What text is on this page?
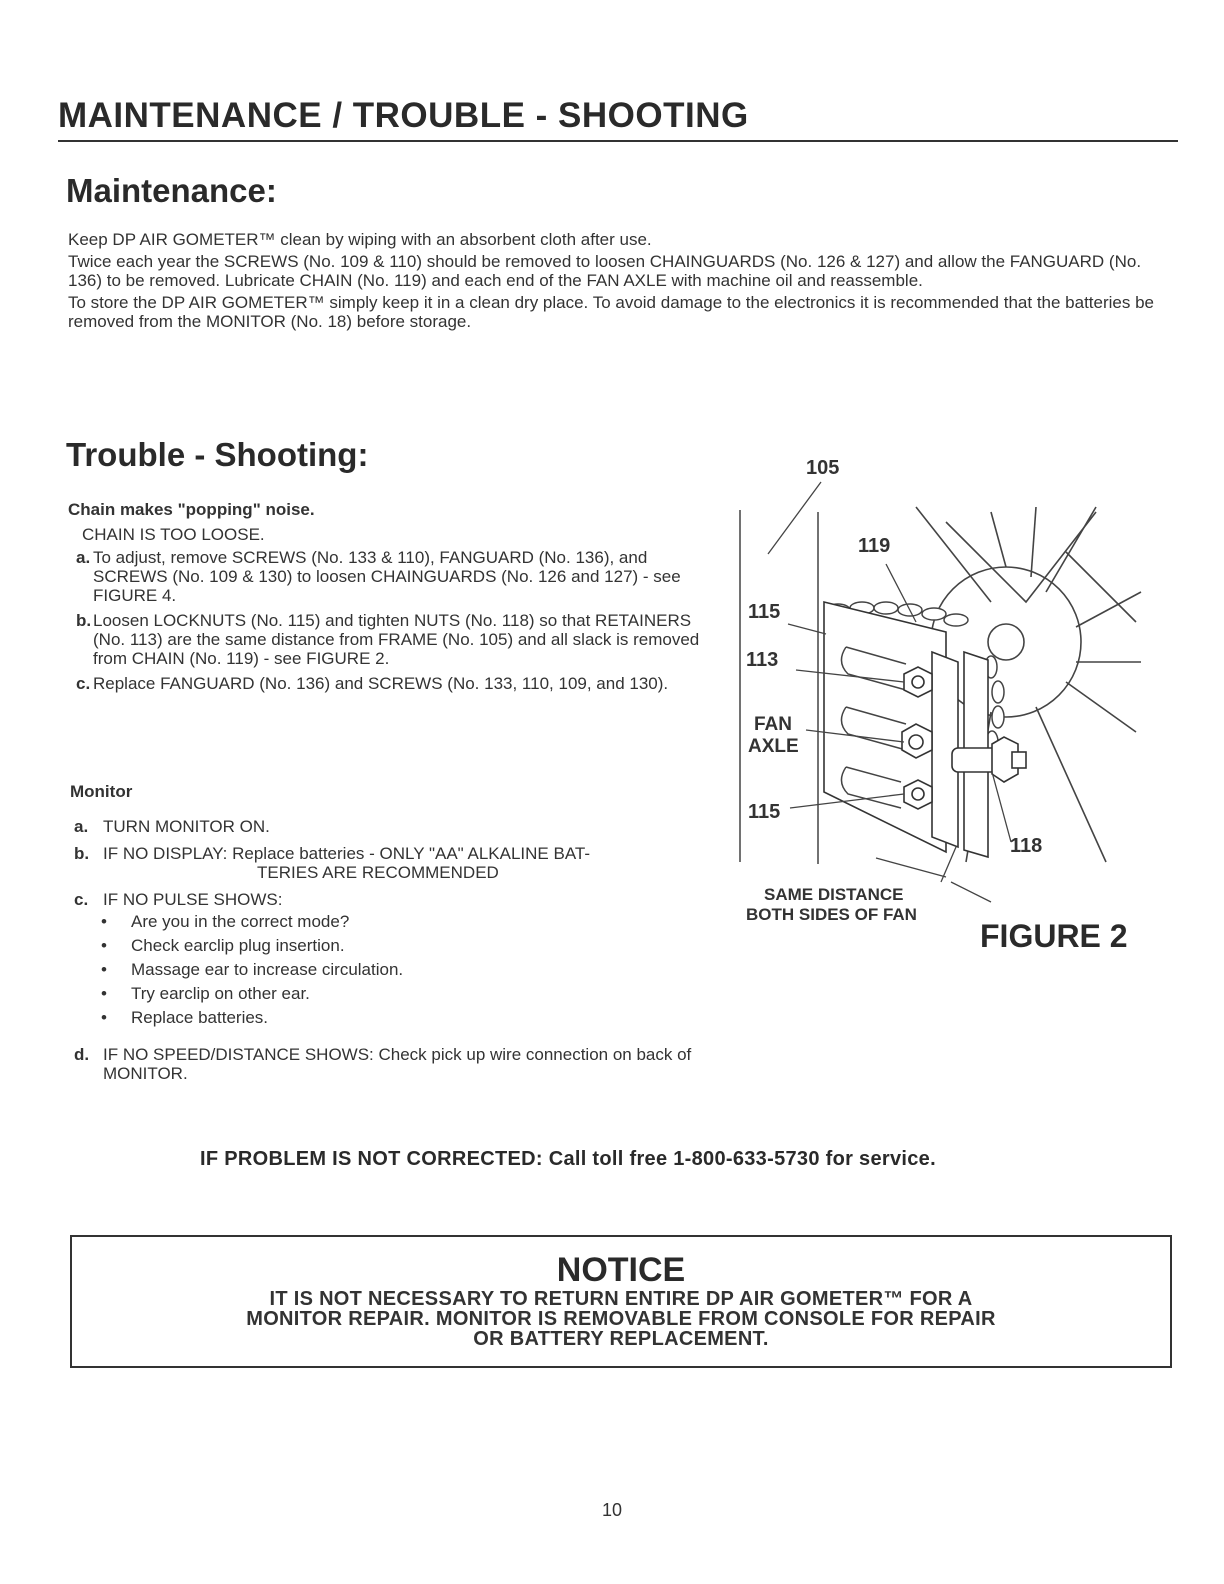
MAINTENANCE / TROUBLE - SHOOTING
Maintenance:

Keep DP AIR GOMETER™ clean by wiping with an absorbent cloth after use.

Twice each year the SCREWS (No. 109 & 110) should be removed to loosen CHAINGUARDS (No. 126 & 127) and allow the FANGUARD (No. 136) to be removed. Lubricate CHAIN (No. 119) and each end of the FAN AXLE with machine oil and reassemble.

To store the DP AIR GOMETER™ simply keep it in a clean dry place. To avoid damage to the electronics it is recommended that the batteries be removed from the MONITOR (No. 18) before storage.

Trouble - Shooting:
Chain makes "popping" noise.
CHAIN IS TOO LOOSE.
a. To adjust, remove SCREWS (No. 133 & 110), FANGUARD (No. 136), and SCREWS (No. 109 & 130) to loosen CHAINGUARDS (No. 126 and 127) - see FIGURE 4.
b. Loosen LOCKNUTS (No. 115) and tighten NUTS (No. 118) so that RETAINERS (No. 113) are the same distance from FRAME (No. 105) and all slack is removed from CHAIN (No. 119) - see FIGURE 2.
c. Replace FANGUARD (No. 136) and SCREWS (No. 133, 110, 109, and 130).
Monitor
a. TURN MONITOR ON.
b. IF NO DISPLAY: Replace batteries - ONLY "AA" ALKALINE BAT-
TERIES ARE RECOMMENDED
c. IF NO PULSE SHOWS:
• Are you in the correct mode?
• Check earclip plug insertion.
• Massage ear to increase circulation.
• Try earclip on other ear.
• Replace batteries.
d. IF NO SPEED/DISTANCE SHOWS: Check pick up wire connection on back of MONITOR.
105
119
115
113
FAN
AXLE
115
118
SAME DISTANCE
BOTH SIDES OF FAN
FIGURE 2
IF PROBLEM IS NOT CORRECTED: Call toll free 1-800-633-5730 for service.
NOTICE
IT IS NOT NECESSARY TO RETURN ENTIRE DP AIR GOMETER™ FOR A
MONITOR REPAIR. MONITOR IS REMOVABLE FROM CONSOLE FOR REPAIR
OR BATTERY REPLACEMENT.
10
